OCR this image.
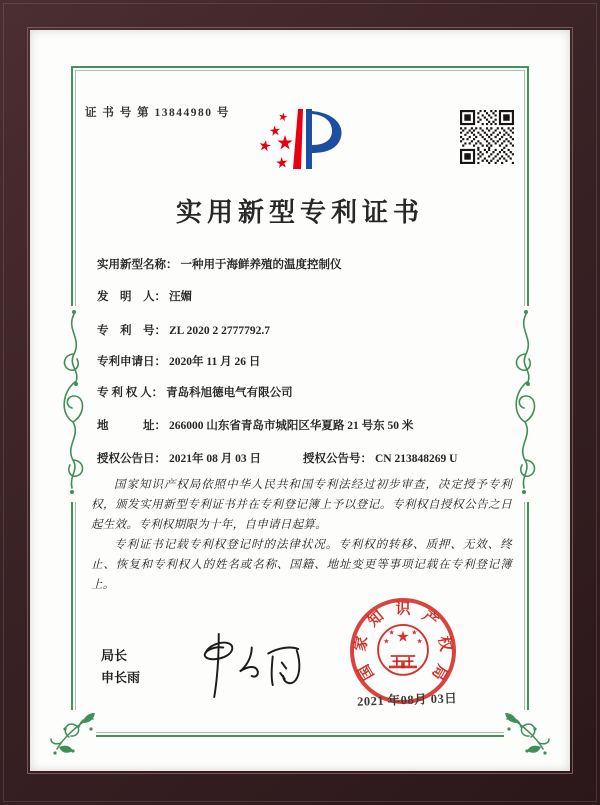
证 书 号 第 13844980 号
实用新型专利证书
实用新型名称： 一种用于海鲜养殖的温度控制仪
发　明　人： 汪媚
专　利　号： ZL 2020 2 2777792.7
专利申请日： 2020年 11 月 26 日
专 利 权 人： 青岛科旭德电气有限公司
地　　　址： 266000 山东省青岛市城阳区华夏路 21 号东 50 米
授权公告日： 2021年 08 月 03 日	授权公告号： CN 213848269 U

国家知识产权局依照中华人民共和国专利法经过初步审查，决定授予专利权，颁发实用新型专利证书并在专利登记簿上予以登记。专利权自授权公告之日起生效。专利权期限为十年，自申请日起算。

专利证书记载专利权登记时的法律状况。专利权的转移、质押、无效、终止、恢复和专利权人的姓名或名称、国籍、地址变更等事项记载在专利登记簿上。

局长
申长雨	国
家
知 识 产
权
局
2021 年08月 03日
